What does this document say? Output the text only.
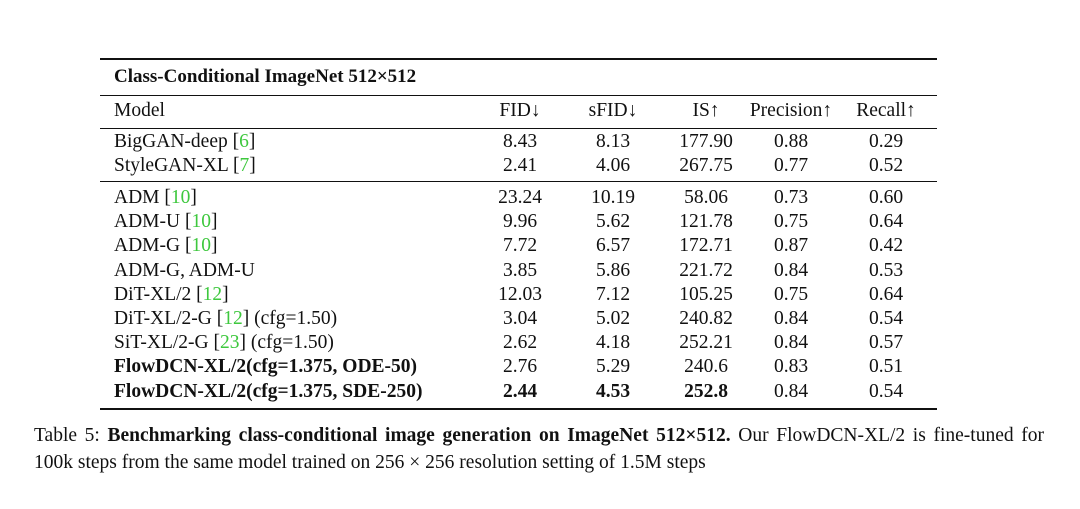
Class-Conditional ImageNet 512×512
Model	FID↓	sFID↓	IS↑	Precision↑	Recall↑
BigGAN-deep [6]	8.43	8.13	177.90	0.88	0.29
StyleGAN-XL [7]	2.41	4.06	267.75	0.77	0.52
ADM [10]	23.24	10.19	58.06	0.73	0.60
ADM-U [10]	9.96	5.62	121.78	0.75	0.64
ADM-G [10]	7.72	6.57	172.71	0.87	0.42
ADM-G, ADM-U	3.85	5.86	221.72	0.84	0.53
DiT-XL/2 [12]	12.03	7.12	105.25	0.75	0.64
DiT-XL/2-G [12] (cfg=1.50)	3.04	5.02	240.82	0.84	0.54
SiT-XL/2-G [23] (cfg=1.50)	2.62	4.18	252.21	0.84	0.57
FlowDCN-XL/2(cfg=1.375, ODE-50)	2.76	5.29	240.6	0.83	0.51
FlowDCN-XL/2(cfg=1.375, SDE-250)	2.44	4.53	252.8	0.84	0.54
Table 5: Benchmarking class-conditional image generation on ImageNet 512×512. Our FlowDCN-XL/2 is fine-tuned for 100k steps from the same model trained on 256 × 256 resolution setting of 1.5M steps
